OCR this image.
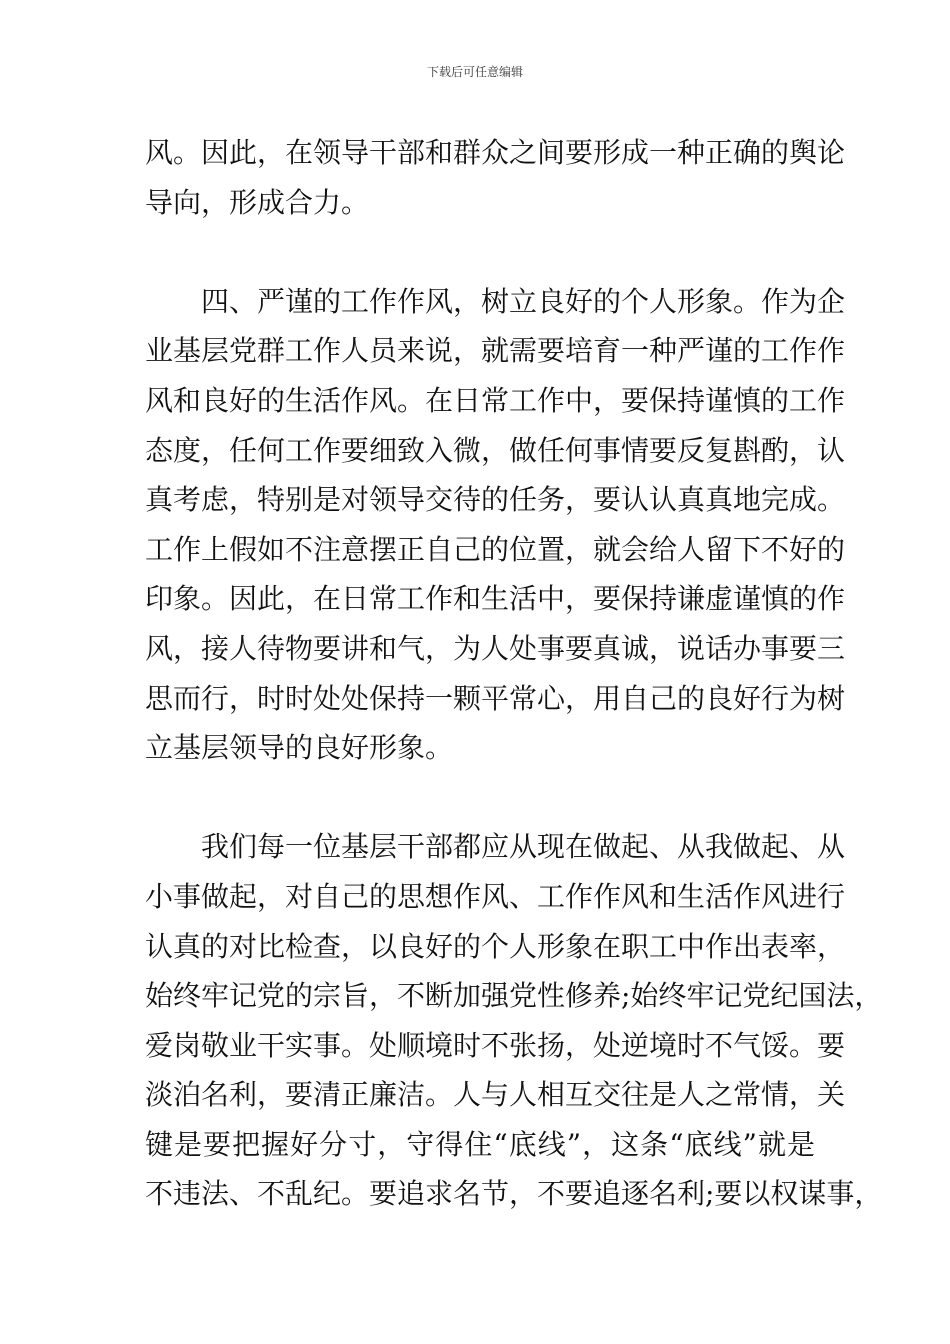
下载后可任意编辑
风。因此，在领导干部和群众之间要形成一种正确的舆论
导向，形成合力。
四、严谨的工作作风，树立良好的个人形象。作为企
业基层党群工作人员来说，就需要培育一种严谨的工作作
风和良好的生活作风。在日常工作中，要保持谨慎的工作
态度，任何工作要细致入微，做任何事情要反复斟酌，认
真考虑，特别是对领导交待的任务，要认认真真地完成。
工作上假如不注意摆正自己的位置，就会给人留下不好的
印象。因此，在日常工作和生活中，要保持谦虚谨慎的作
风，接人待物要讲和气，为人处事要真诚，说话办事要三
思而行，时时处处保持一颗平常心，用自己的良好行为树
立基层领导的良好形象。
我们每一位基层干部都应从现在做起、从我做起、从
小事做起，对自己的思想作风、工作作风和生活作风进行
认真的对比检查，以良好的个人形象在职工中作出表率，
始终牢记党的宗旨，不断加强党性修养;始终牢记党纪国法，
爱岗敬业干实事。处顺境时不张扬，处逆境时不气馁。要
淡泊名利，要清正廉洁。人与人相互交往是人之常情，关
键是要把握好分寸，守得住“底线”，这条“底线”就是
不违法、不乱纪。要追求名节，不要追逐名利;要以权谋事，
